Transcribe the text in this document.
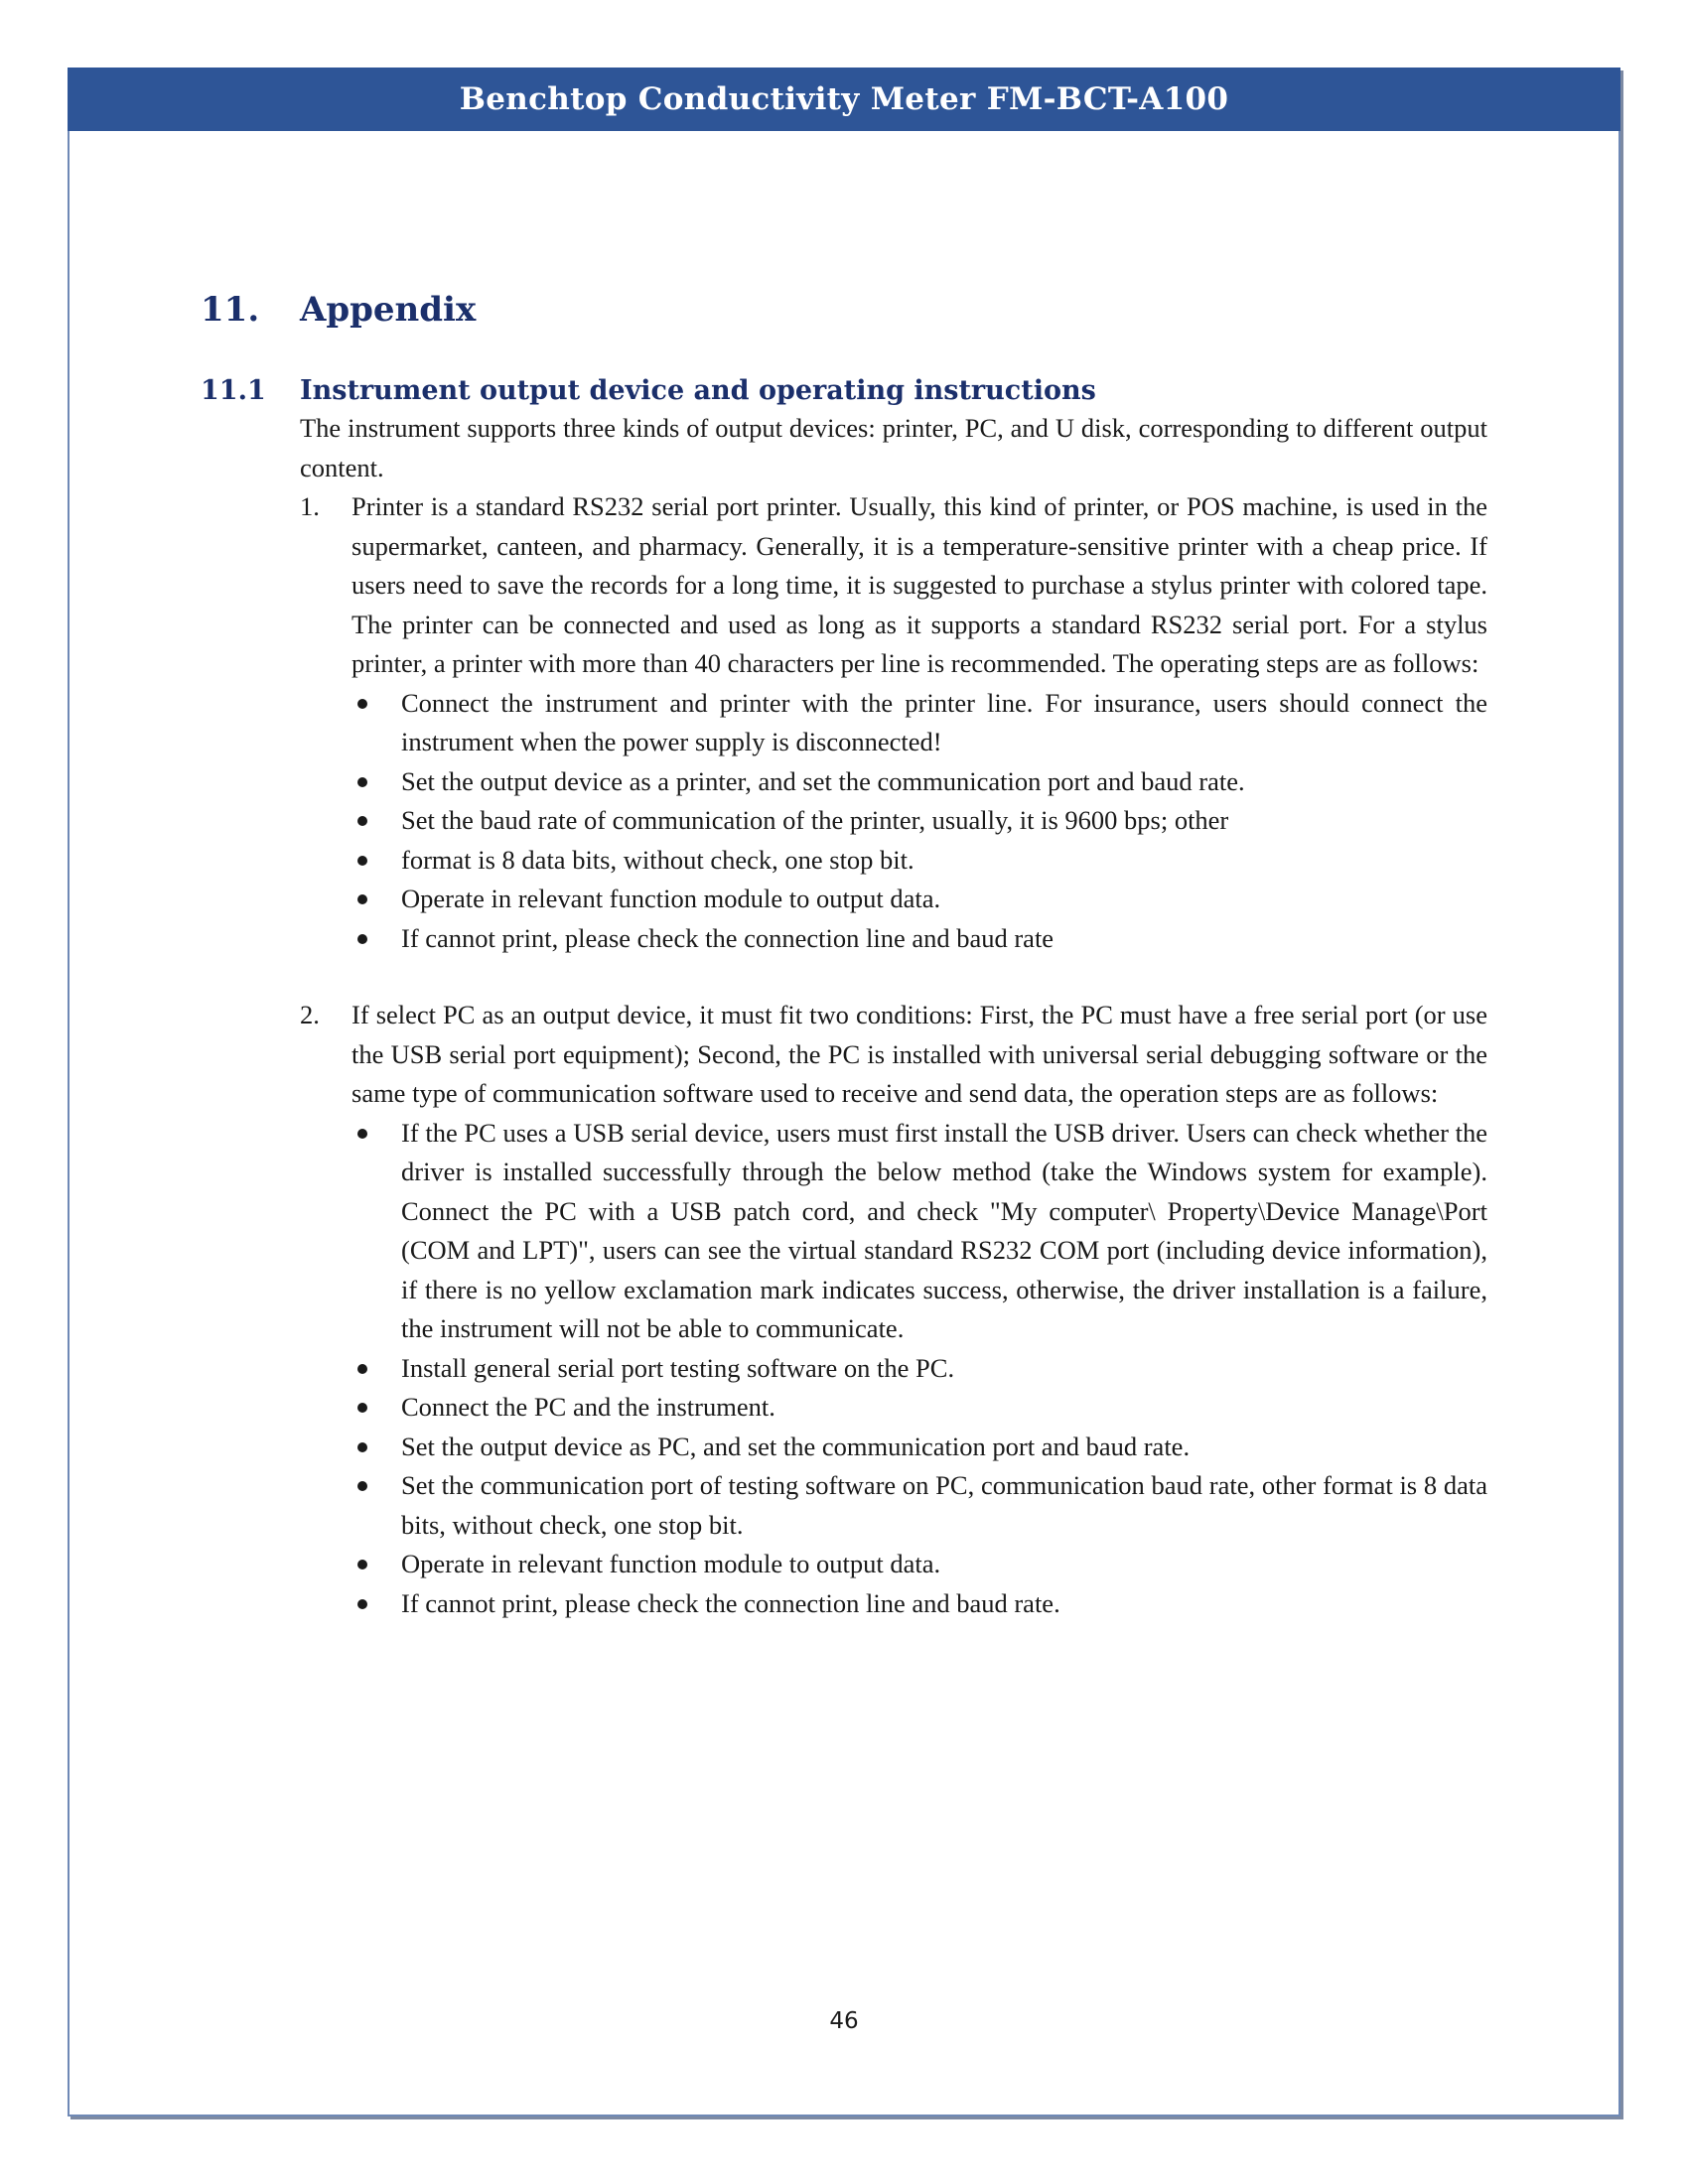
Benchtop Conductivity Meter FM-BCT-A100
11. Appendix
11.1 Instrument output device and operating instructions

The instrument supports three kinds of output devices: printer, PC, and U disk, corresponding to different output content.

1. Printer is a standard RS232 serial port printer. Usually, this kind of printer, or POS machine, is used in the supermarket, canteen, and pharmacy. Generally, it is a temperature-sensitive printer with a cheap price. If users need to save the records for a long time, it is suggested to purchase a stylus printer with colored tape. The printer can be connected and used as long as it supports a standard RS232 serial port. For a stylus printer, a printer with more than 40 characters per line is recommended. The operating steps are as follows:

Connect the instrument and printer with the printer line. For insurance, users should connect the instrument when the power supply is disconnected!
Set the output device as a printer, and set the communication port and baud rate.
Set the baud rate of communication of the printer, usually, it is 9600 bps; other
format is 8 data bits, without check, one stop bit.
Operate in relevant function module to output data.
If cannot print, please check the connection line and baud rate
2. If select PC as an output device, it must fit two conditions: First, the PC must have a free serial port (or use the USB serial port equipment); Second, the PC is installed with universal serial debugging software or the same type of communication software used to receive and send data, the operation steps are as follows:

If the PC uses a USB serial device, users must first install the USB driver. Users can check whether the driver is installed successfully through the below method (take the Windows system for example). Connect the PC with a USB patch cord, and check "My computer\ Property\Device Manage\Port (COM and LPT)", users can see the virtual standard RS232 COM port (including device information), if there is no yellow exclamation mark indicates success, otherwise, the driver installation is a failure, the instrument will not be able to communicate.
Install general serial port testing software on the PC.
Connect the PC and the instrument.
Set the output device as PC, and set the communication port and baud rate.
Set the communication port of testing software on PC, communication baud rate, other format is 8 data bits, without check, one stop bit.
Operate in relevant function module to output data.
If cannot print, please check the connection line and baud rate.
46
